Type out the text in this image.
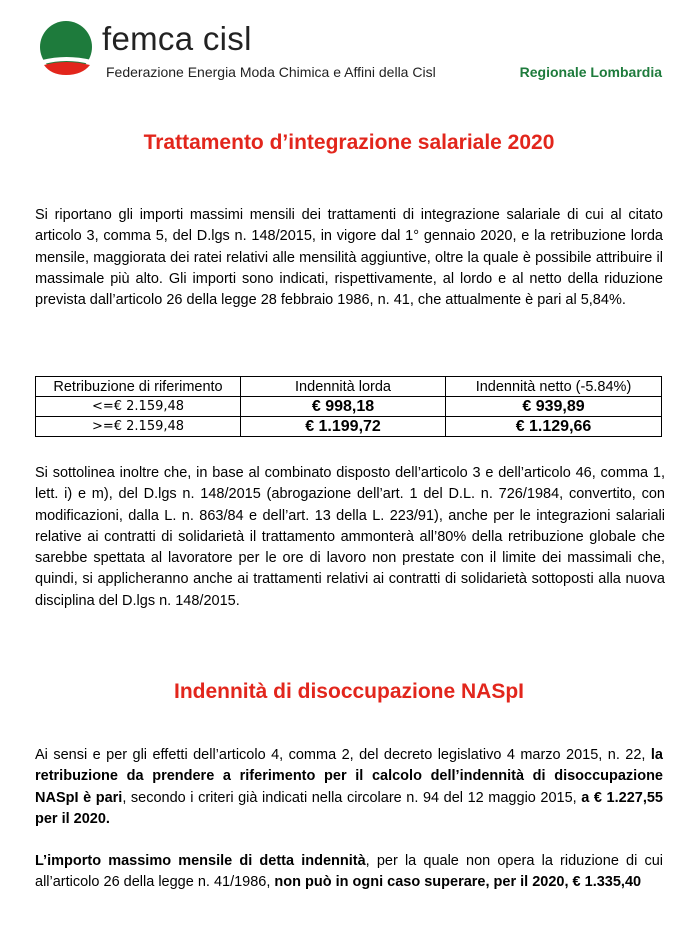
femca cisl
Federazione Energia Moda Chimica e Affini della Cisl	Regionale Lombardia
Trattamento d’integrazione salariale 2020

Si riportano gli importi massimi mensili dei trattamenti di integrazione salariale di cui al citato articolo 3, comma 5, del D.lgs n. 148/2015, in vigore dal 1° gennaio 2020, e la retribuzione lorda mensile, maggiorata dei ratei relativi alle mensilità aggiuntive, oltre la quale è possibile attribuire il massimale più alto. Gli importi sono indicati, rispettivamente, al lordo e al netto della riduzione prevista dall’articolo 26 della legge 28 febbraio 1986, n. 41, che attualmente è pari al 5,84%.

Retribuzione di riferimento	Indennità lorda	Indennità netto (-5.84%)
<=€ 2.159,48	€ 998,18	€ 939,89
>=€ 2.159,48	€ 1.199,72	€ 1.129,66

Si sottolinea inoltre che, in base al combinato disposto dell’articolo 3 e dell’articolo 46, comma 1, lett. i) e m), del D.lgs n. 148/2015 (abrogazione dell’art. 1 del D.L. n. 726/1984, convertito, con modificazioni, dalla L. n. 863/84 e dell’art. 13 della L. 223/91), anche per le integrazioni salariali relative ai contratti di solidarietà il trattamento ammonterà all’80% della retribuzione globale che sarebbe spettata al lavoratore per le ore di lavoro non prestate con il limite dei massimali che, quindi, si applicheranno anche ai trattamenti relativi ai contratti di solidarietà sottoposti alla nuova disciplina del D.lgs n. 148/2015.

Indennità di disoccupazione NASpI

Ai sensi e per gli effetti dell’articolo 4, comma 2, del decreto legislativo 4 marzo 2015, n. 22, la retribuzione da prendere a riferimento per il calcolo dell’indennità di disoccupazione NASpI è pari, secondo i criteri già indicati nella circolare n. 94 del 12 maggio 2015, a € 1.227,55 per il 2020.

L’importo massimo mensile di detta indennità, per la quale non opera la riduzione di cui all’articolo 26 della legge n. 41/1986, non può in ogni caso superare, per il 2020, € 1.335,40
